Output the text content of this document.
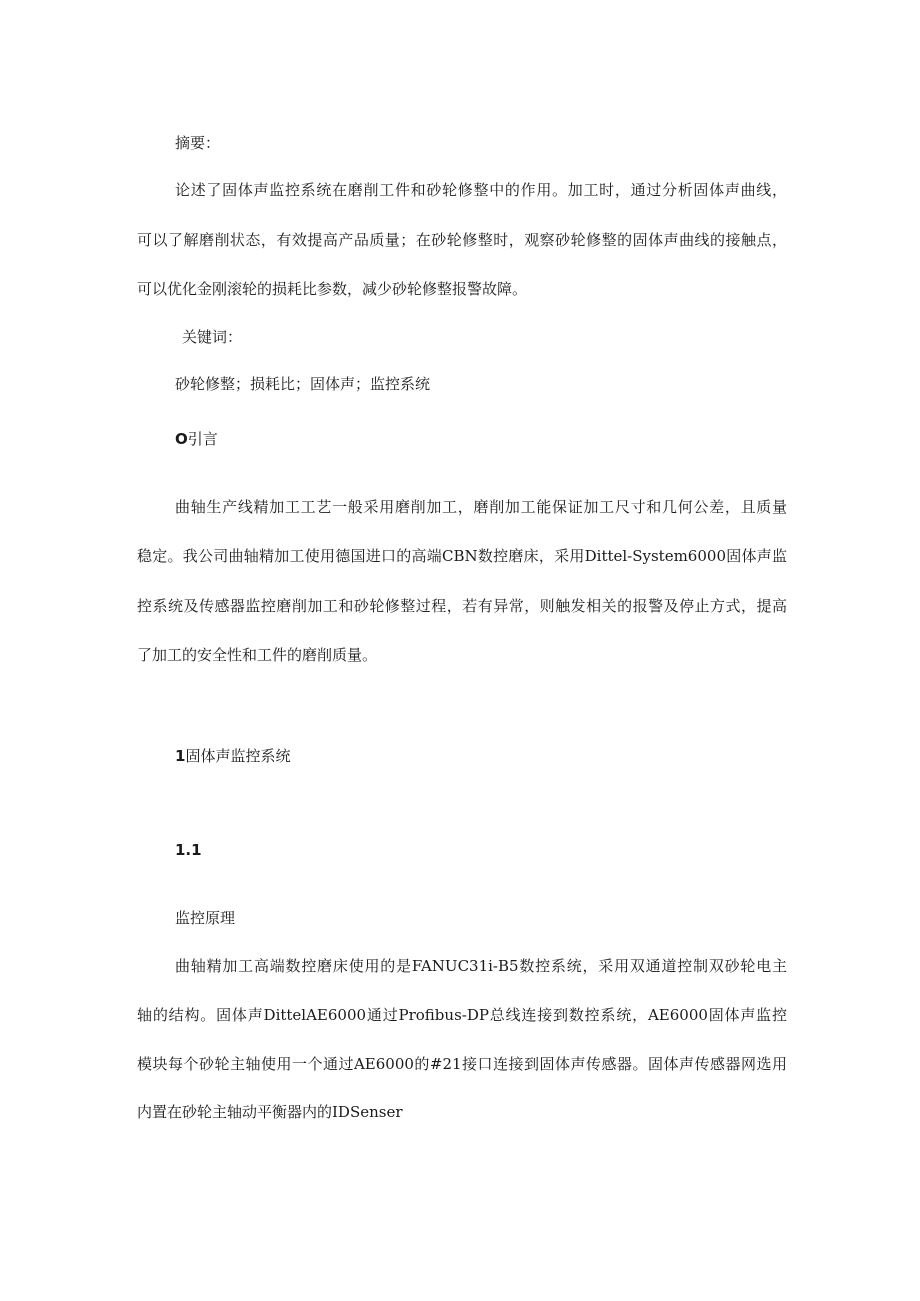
摘要：
论述了固体声监控系统在磨削工件和砂轮修整中的作用。加工时，通过分析固体声曲线，
可以了解磨削状态，有效提高产品质量；在砂轮修整时，观察砂轮修整的固体声曲线的接触点，
可以优化金刚滚轮的损耗比参数，减少砂轮修整报警故障。
关键词：
砂轮修整；损耗比；固体声；监控系统
O引言
曲轴生产线精加工工艺一般采用磨削加工，磨削加工能保证加工尺寸和几何公差，且质量
稳定。我公司曲轴精加工使用德国进口的高端CBN数控磨床，采用Dittel-System6000固体声监
控系统及传感器监控磨削加工和砂轮修整过程，若有异常，则触发相关的报警及停止方式，提高
了加工的安全性和工件的磨削质量。
1固体声监控系统
1.1
监控原理
曲轴精加工高端数控磨床使用的是FANUC31i-B5数控系统，采用双通道控制双砂轮电主
轴的结构。固体声DittelAE6000通过Profibus-DP总线连接到数控系统，AE6000固体声监控
模块每个砂轮主轴使用一个通过AE6000的#21接口连接到固体声传感器。固体声传感器网选用
内置在砂轮主轴动平衡器内的IDSenser
